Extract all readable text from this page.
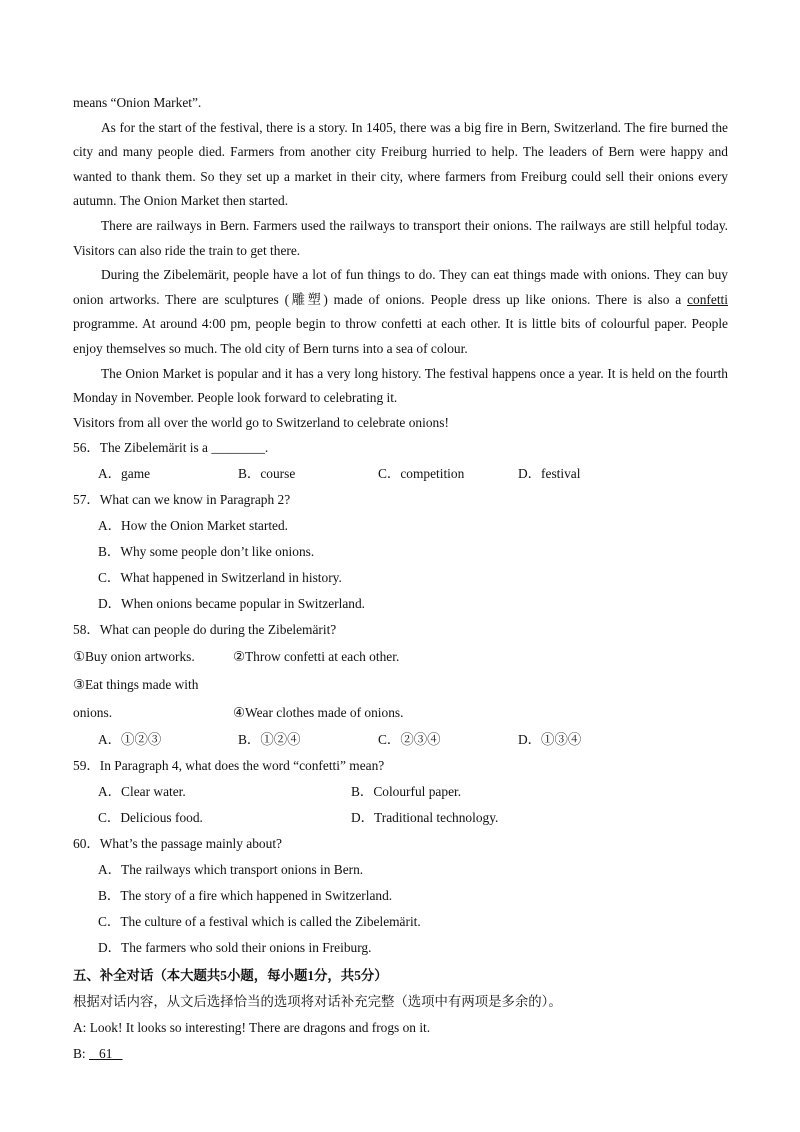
means “Onion Market”.

As for the start of the festival, there is a story. In 1405, there was a big fire in Bern, Switzerland. The fire burned the city and many people died. Farmers from another city Freiburg hurried to help. The leaders of Bern were happy and wanted to thank them. So they set up a market in their city, where farmers from Freiburg could sell their onions every autumn. The Onion Market then started.

There are railways in Bern. Farmers used the railways to transport their onions. The railways are still helpful today. Visitors can also ride the train to get there.

During the Zibelemärit, people have a lot of fun things to do. They can eat things made with onions. They can buy onion artworks. There are sculptures (雕塑) made of onions. People dress up like onions. There is also a confetti programme. At around 4:00 pm, people begin to throw confetti at each other. It is little bits of colourful paper. People enjoy themselves so much. The old city of Bern turns into a sea of colour.

The Onion Market is popular and it has a very long history. The festival happens once a year. It is held on the fourth Monday in November. People look forward to celebrating it.

Visitors from all over the world go to Switzerland to celebrate onions!

56．The Zibelemärit is a ________.

A．game	B．course	C．competition	D．festival

57．What can we know in Paragraph 2?

A．How the Onion Market started.

B．Why some people don’t like onions.

C．What happened in Switzerland in history.

D．When onions became popular in Switzerland.

58．What can people do during the Zibelemärit?

①Buy onion artworks.	②Throw confetti at each other.

③Eat things made with onions.	④Wear clothes made of onions.

A．①②③	B．①②④	C．②③④	D．①③④

59．In Paragraph 4, what does the word “confetti” mean?

A．Clear water.	B．Colourful paper.
C．Delicious food.	D．Traditional technology.

60．What’s the passage mainly about?

A．The railways which transport onions in Bern.

B．The story of a fire which happened in Switzerland.

C．The culture of a festival which is called the Zibelemärit.

D．The farmers who sold their onions in Freiburg.

五、补全对话（本大题共5小题，每小题1分，共5分）

根据对话内容，从文后选择恰当的选项将对话补充完整（选项中有两项是多余的）。

A: Look! It looks so interesting! There are dragons and frogs on it.

B:    61
